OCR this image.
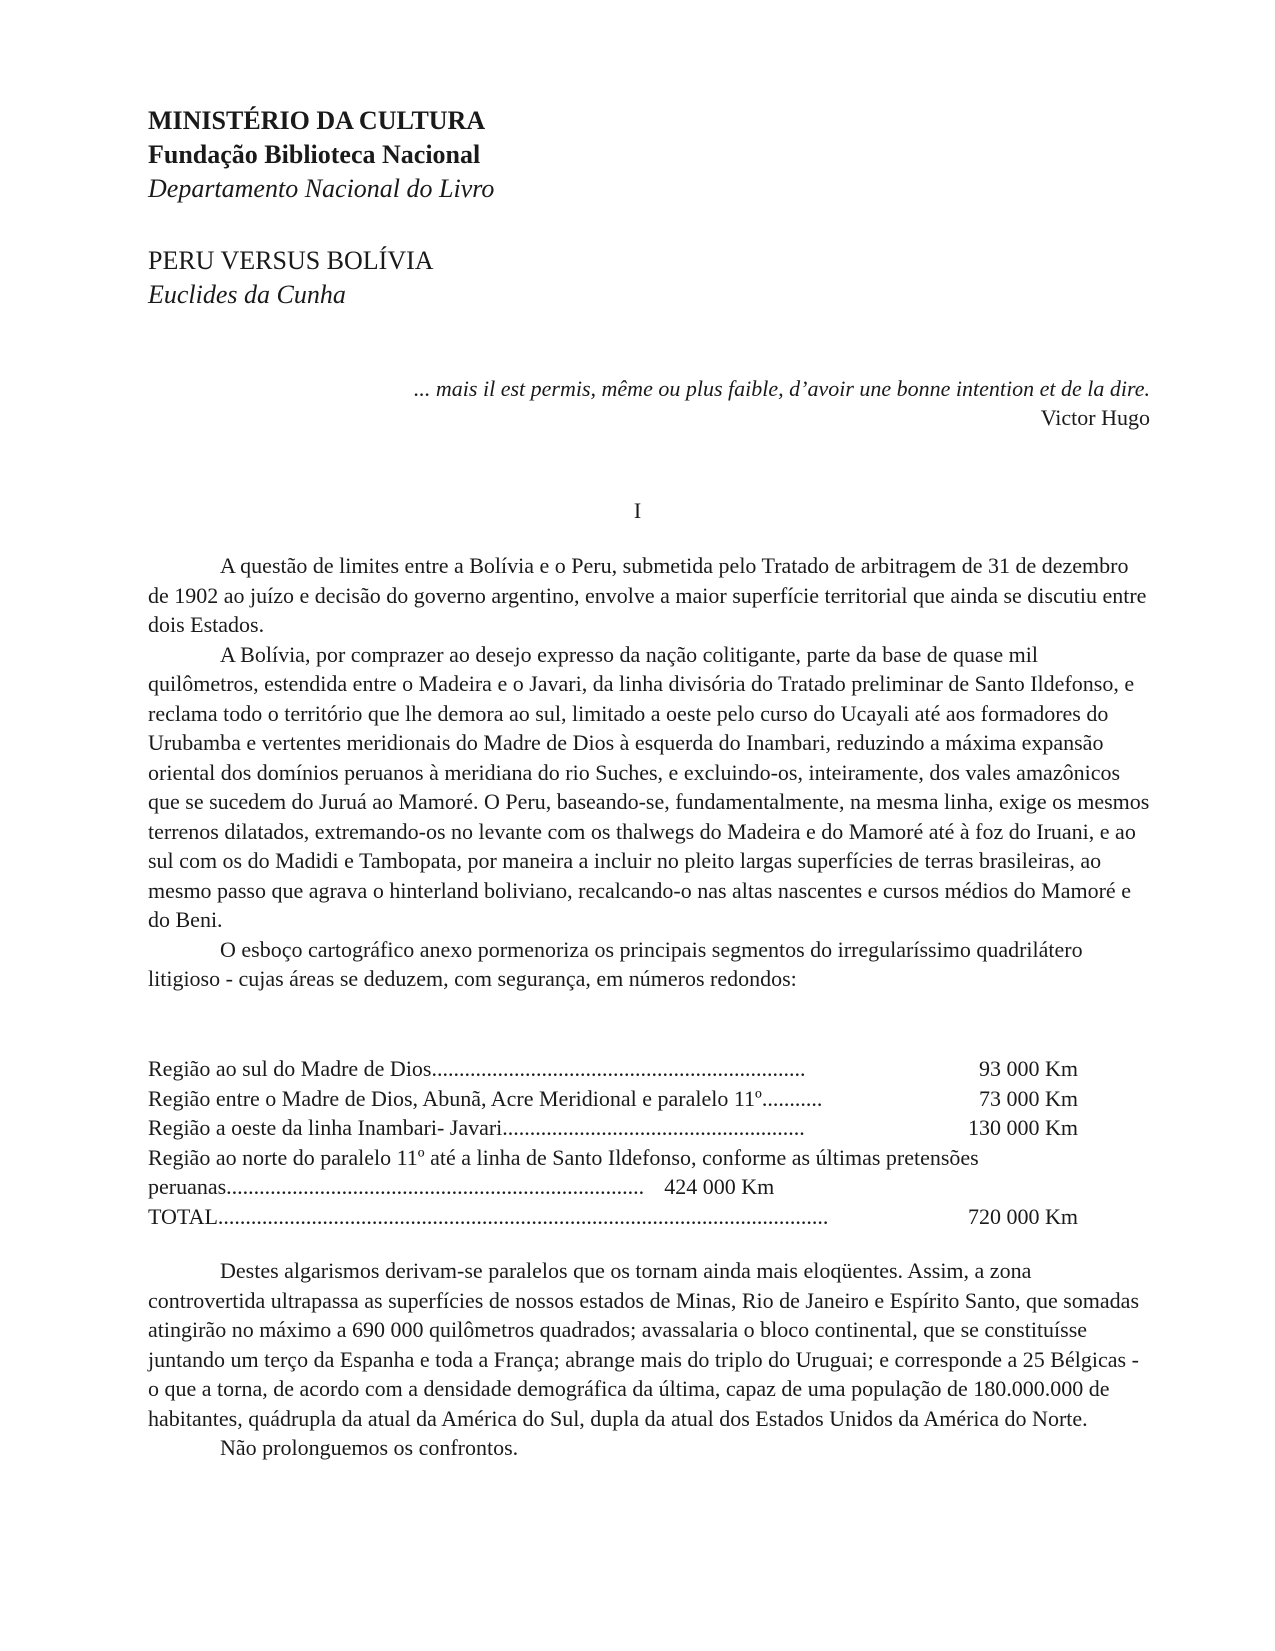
MINISTÉRIO DA CULTURA
Fundação Biblioteca Nacional
Departamento Nacional do Livro
PERU VERSUS BOLÍVIA
Euclides da Cunha
... mais il est permis, même ou plus faible, d’avoir une bonne intention et de la dire.
Victor Hugo
I

A questão de limites entre a Bolívia e o Peru, submetida pelo Tratado de arbitragem de 31 de dezembro de 1902 ao juízo e decisão do governo argentino, envolve a maior superfície territorial que ainda se discutiu entre dois Estados.

A Bolívia, por comprazer ao desejo expresso da nação colitigante, parte da base de quase mil quilômetros, estendida entre o Madeira e o Javari, da linha divisória do Tratado preliminar de Santo Ildefonso, e reclama todo o território que lhe demora ao sul, limitado a oeste pelo curso do Ucayali até aos formadores do Urubamba e vertentes meridionais do Madre de Dios à esquerda do Inambari, reduzindo a máxima expansão oriental dos domínios peruanos à meridiana do rio Suches, e excluindo-os, inteiramente, dos vales amazônicos que se sucedem do Juruá ao Mamoré. O Peru, baseando-se, fundamentalmente, na mesma linha, exige os mesmos terrenos dilatados, extremando-os no levante com os thalwegs do Madeira e do Mamoré até à foz do Iruani, e ao sul com os do Madidi e Tambopata, por maneira a incluir no pleito largas superfícies de terras brasileiras, ao mesmo passo que agrava o hinterland boliviano, recalcando-o nas altas nascentes e cursos médios do Mamoré e do Beni.

O esboço cartográfico anexo pormenoriza os principais segmentos do irregularíssimo quadrilátero litigioso - cujas áreas se deduzem, com segurança, em números redondos:

Região ao sul do Madre de Dios....................................................................	93 000 Km
Região entre o Madre de Dios, Abunã, Acre Meridional e paralelo 11º...........	73 000 Km
Região a oeste da linha Inambari- Javari.......................................................	130 000 Km
Região ao norte do paralelo 11º até a linha de Santo Ildefonso, conforme as últimas pretensões
peruanas............................................................................ 424 000 Km
TOTAL...............................................................................................................	720 000 Km

Destes algarismos derivam-se paralelos que os tornam ainda mais eloqüentes. Assim, a zona controvertida ultrapassa as superfícies de nossos estados de Minas, Rio de Janeiro e Espírito Santo, que somadas atingirão no máximo a 690 000 quilômetros quadrados; avassalaria o bloco continental, que se constituísse juntando um terço da Espanha e toda a França; abrange mais do triplo do Uruguai; e corresponde a 25 Bélgicas - o que a torna, de acordo com a densidade demográfica da última, capaz de uma população de 180.000.000 de habitantes, quádrupla da atual da América do Sul, dupla da atual dos Estados Unidos da América do Norte.

Não prolonguemos os confrontos.
